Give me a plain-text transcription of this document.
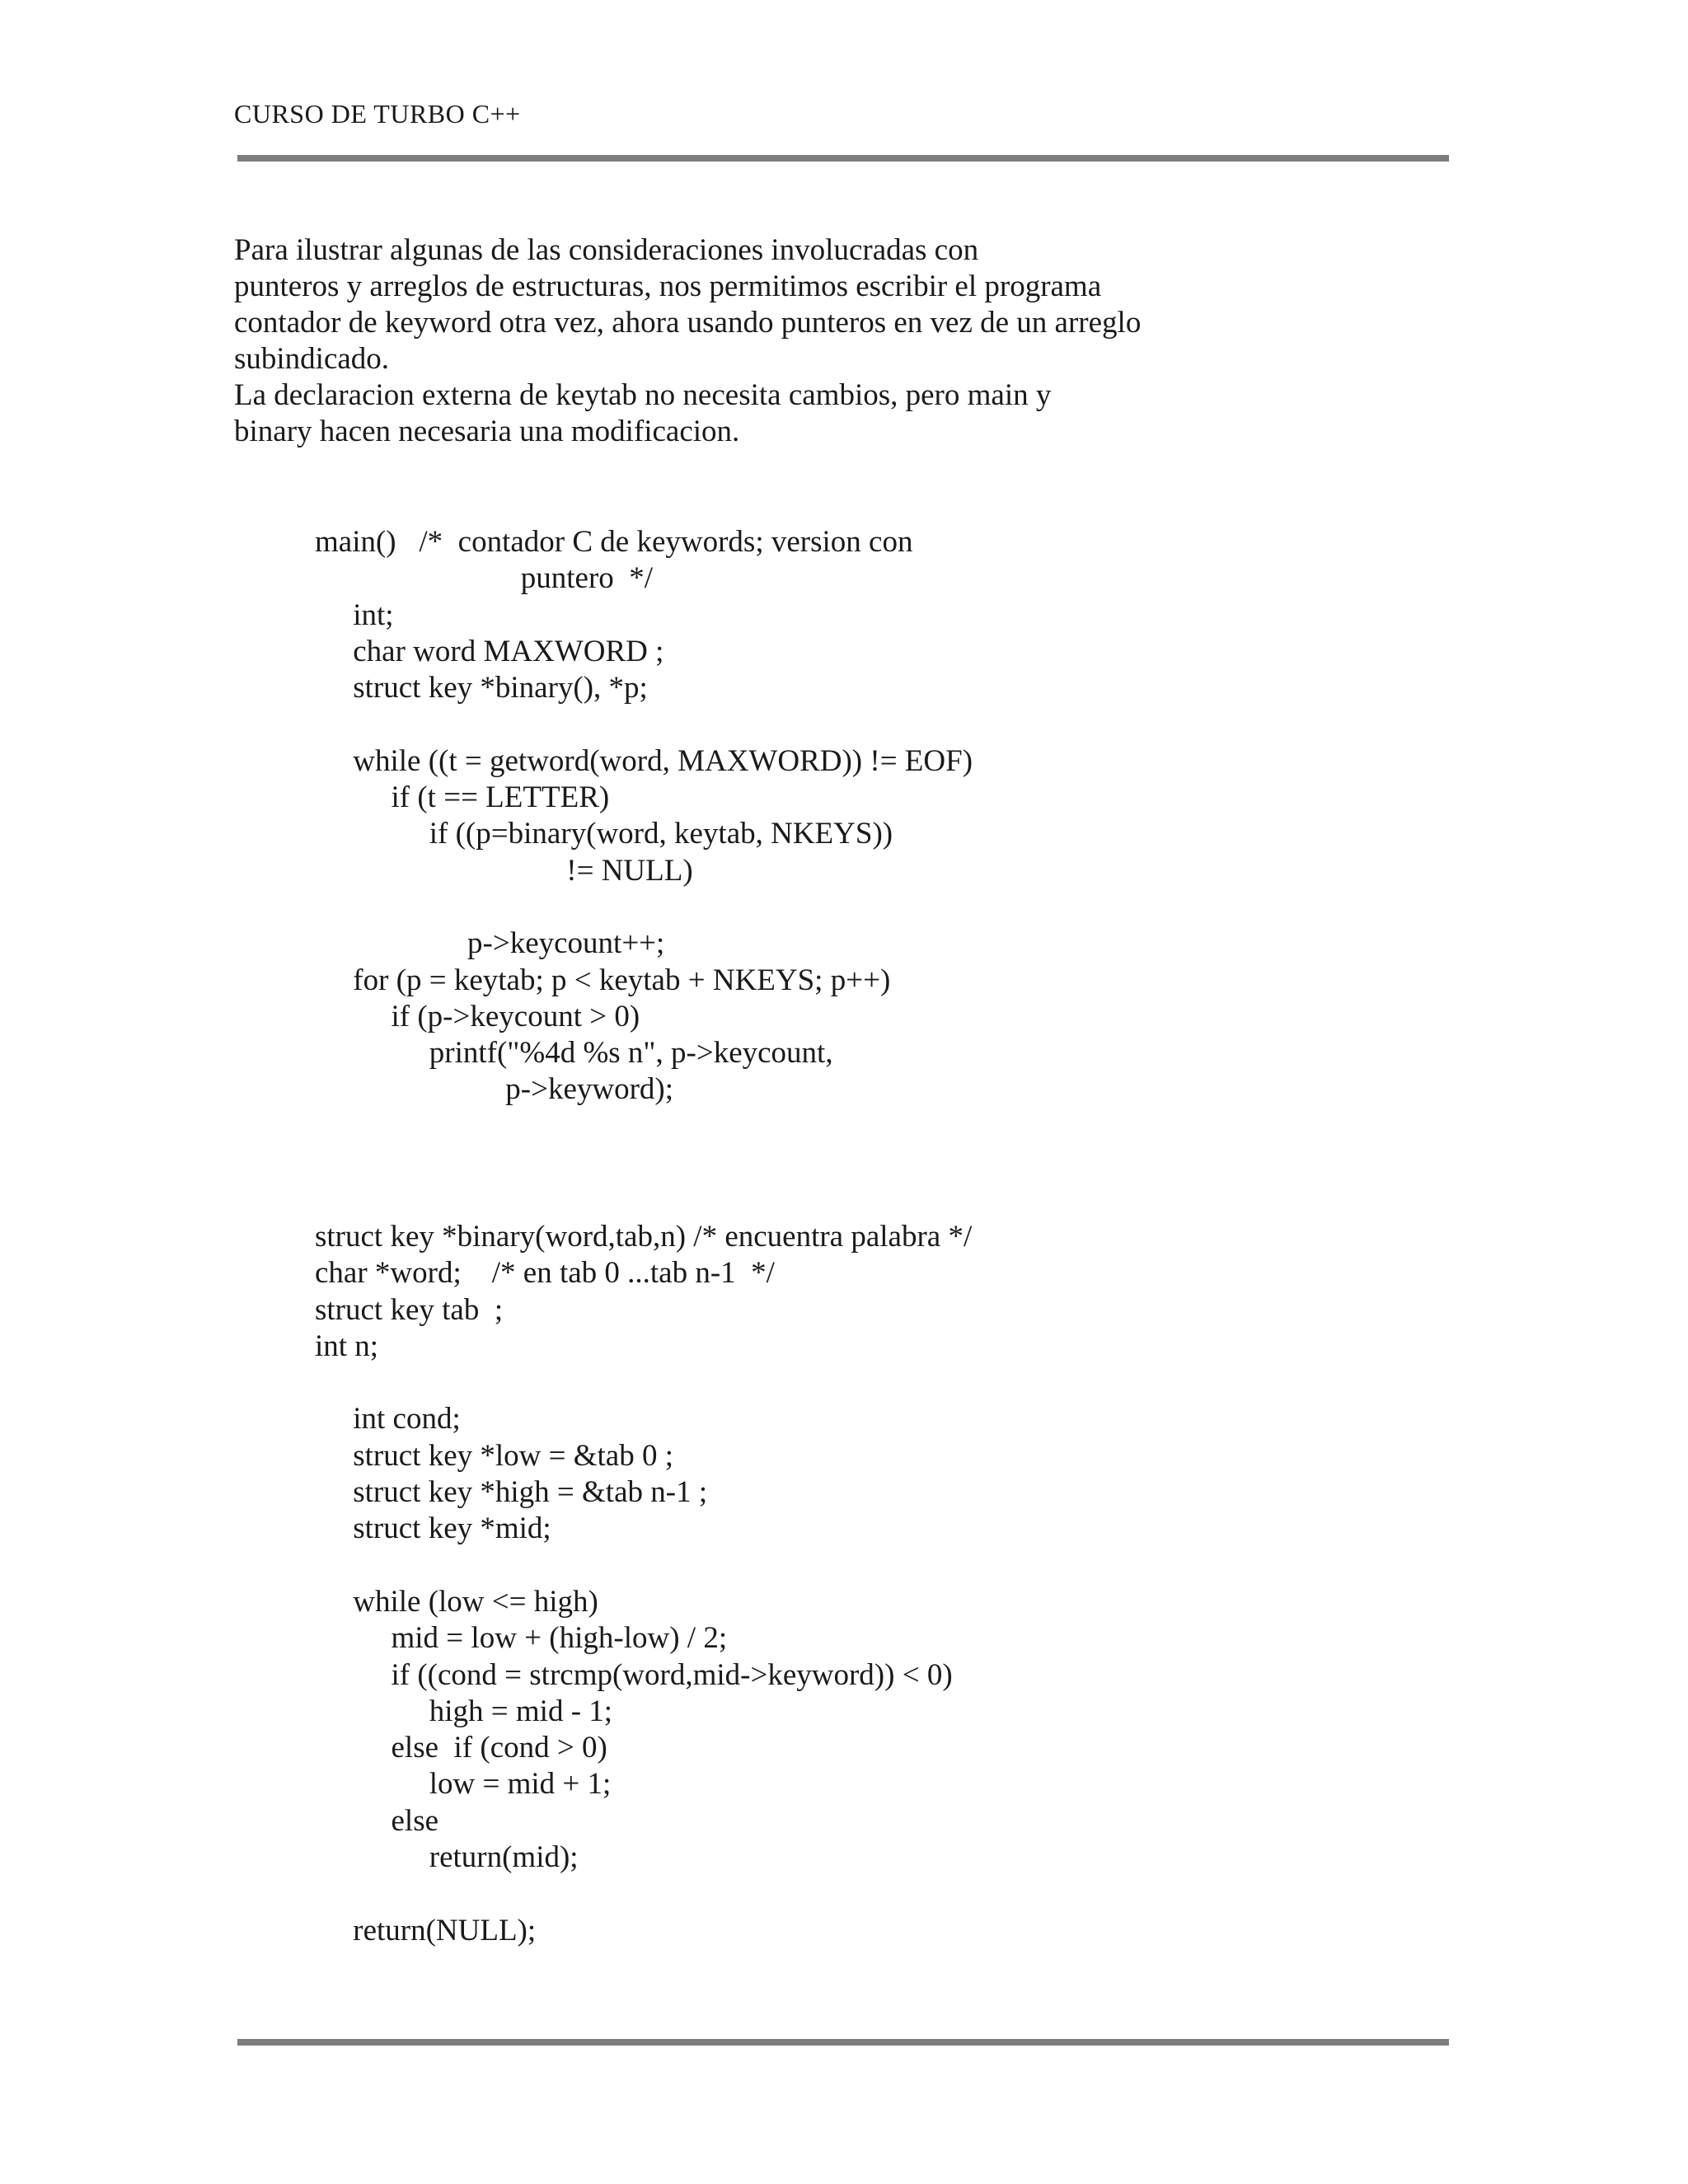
CURSO DE TURBO C++
Para ilustrar algunas de las consideraciones involucradas con
punteros y arreglos de estructuras, nos permitimos escribir el programa
contador de keyword otra vez, ahora usando punteros en vez de un arreglo
subindicado.
La declaracion externa de keytab no necesita cambios, pero main y
binary hacen necesaria una modificacion.
main()   /*  contador C de keywords; version con
puntero  */
int;
char word MAXWORD ;
struct key *binary(), *p;
while ((t = getword(word, MAXWORD)) != EOF)
if (t == LETTER)
if ((p=binary(word, keytab, NKEYS))
!= NULL)
p->keycount++;
for (p = keytab; p < keytab + NKEYS; p++)
if (p->keycount > 0)
printf("%4d %s n", p->keycount,
p->keyword);
struct key *binary(word,tab,n) /* encuentra palabra */
char *word;    /* en tab 0 ...tab n-1  */
struct key tab  ;
int n;
int cond;
struct key *low = &tab 0 ;
struct key *high = &tab n-1 ;
struct key *mid;
while (low <= high)
mid = low + (high-low) / 2;
if ((cond = strcmp(word,mid->keyword)) < 0)
high = mid - 1;
else  if (cond > 0)
low = mid + 1;
else
return(mid);
return(NULL);
